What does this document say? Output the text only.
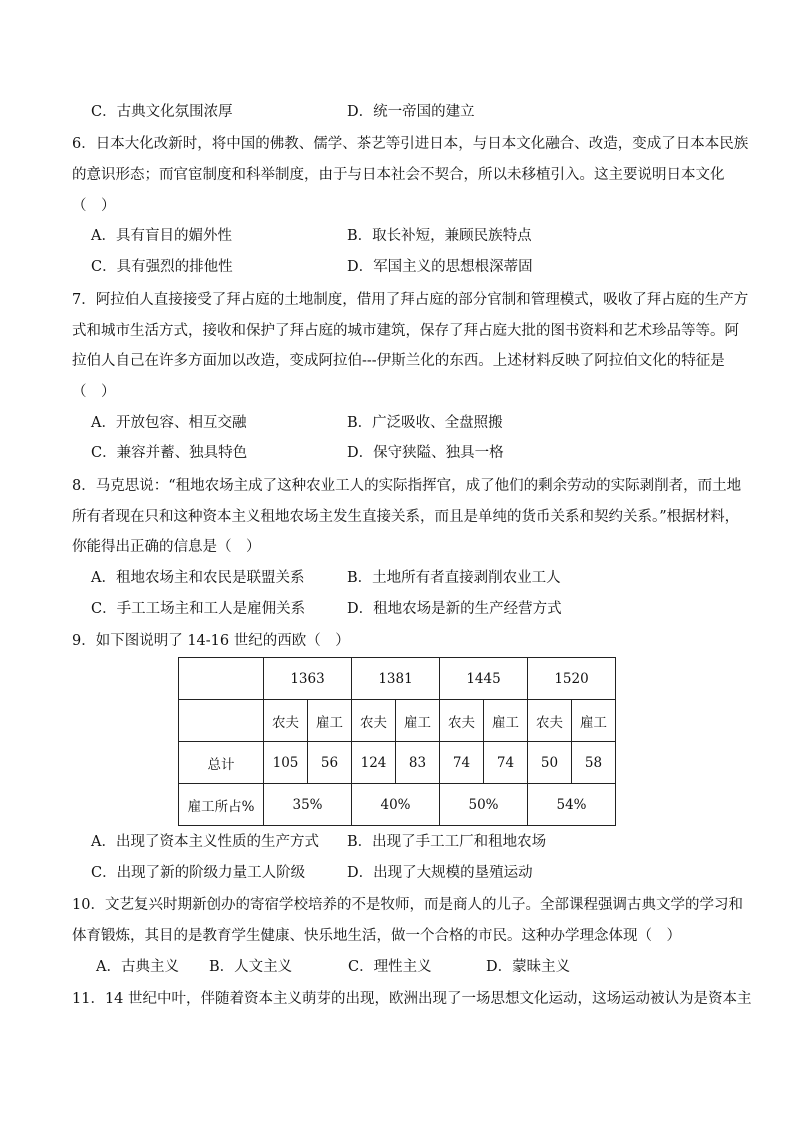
C．古典文化氛围浓厚	D．统一帝国的建立
6．日本大化改新时，将中国的佛教、儒学、茶艺等引进日本，与日本文化融合、改造，变成了日本本民族
的意识形态；而官宦制度和科举制度，由于与日本社会不契合，所以未移植引入。这主要说明日本文化
（　）
A．具有盲目的媚外性	B．取长补短，兼顾民族特点
C．具有强烈的排他性	D．军国主义的思想根深蒂固
7．阿拉伯人直接接受了拜占庭的土地制度，借用了拜占庭的部分官制和管理模式，吸收了拜占庭的生产方
式和城市生活方式，接收和保护了拜占庭的城市建筑，保存了拜占庭大批的图书资料和艺术珍品等等。阿
拉伯人自己在许多方面加以改造，变成阿拉伯---伊斯兰化的东西。上述材料反映了阿拉伯文化的特征是
（　）
A．开放包容、相互交融	B．广泛吸收、全盘照搬
C．兼容并蓄、独具特色	D．保守狭隘、独具一格
8．马克思说：“租地农场主成了这种农业工人的实际指挥官，成了他们的剩余劳动的实际剥削者，而土地
所有者现在只和这种资本主义租地农场主发生直接关系，而且是单纯的货币关系和契约关系。”根据材料，
你能得出正确的信息是（　）
A．租地农场主和农民是联盟关系	B．土地所有者直接剥削农业工人
C．手工工场主和工人是雇佣关系	D．租地农场是新的生产经营方式
9．如下图说明了 14-16 世纪的西欧（　）
	1363		1381		1445		1520	
	农夫	雇工	农夫	雇工	农夫	雇工	农夫	雇工
总计	105	56	124	83	74	74	50	58
雇工所占%	35%		40%		50%		54%	
A．出现了资本主义性质的生产方式 B．出现了手工工厂和租地农场
C．出现了新的阶级力量工人阶级	D．出现了大规模的垦殖运动
10．文艺复兴时期新创办的寄宿学校培养的不是牧师，而是商人的儿子。全部课程强调古典文学的学习和
体育锻炼，其目的是教育学生健康、快乐地生活，做一个合格的市民。这种办学理念体现（　）
A．古典主义 B．人文主义	C．理性主义	D．蒙昧主义
11．14 世纪中叶，伴随着资本主义萌芽的出现，欧洲出现了一场思想文化运动，这场运动被认为是资本主
